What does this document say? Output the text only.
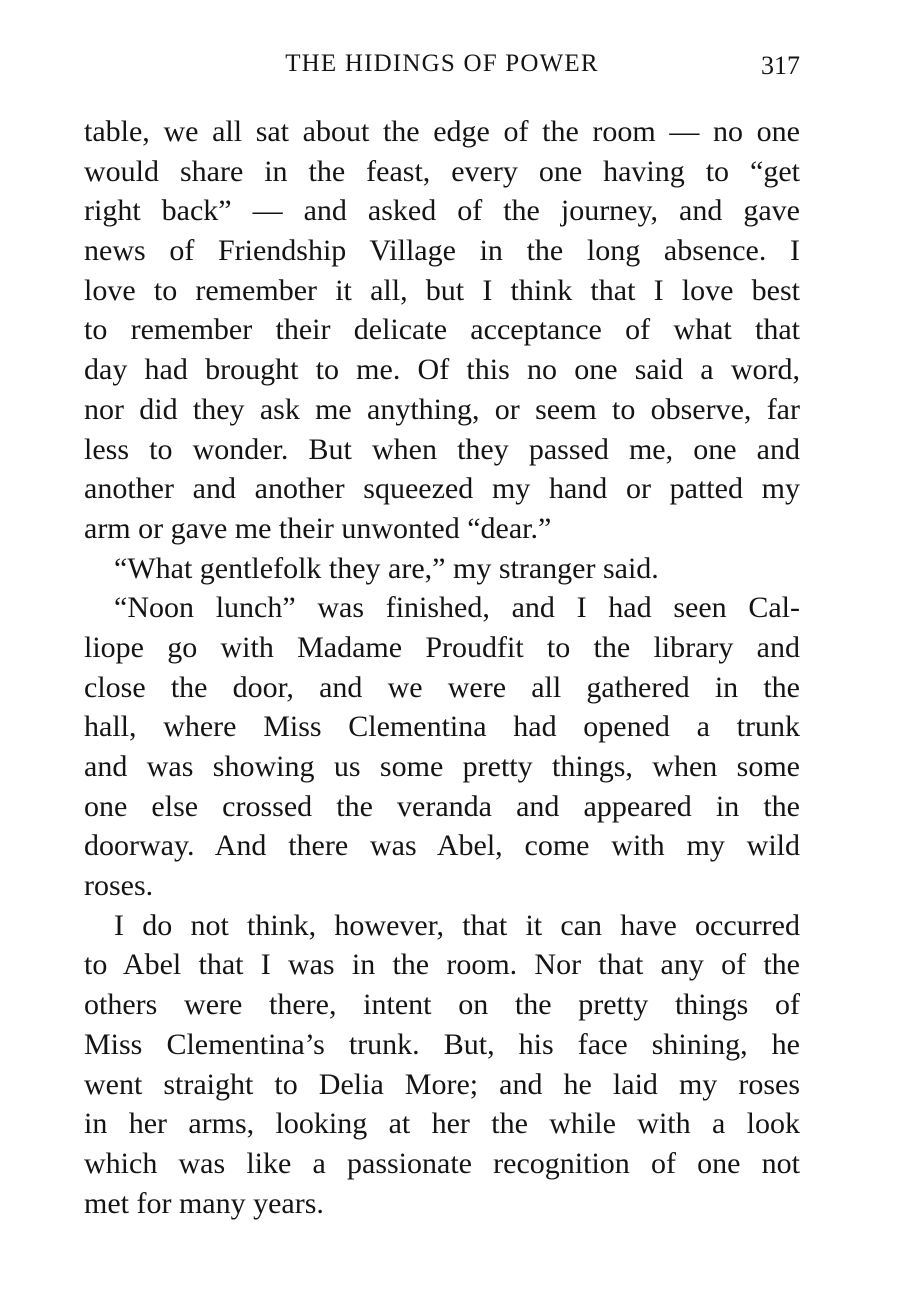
THE HIDINGS OF POWER	317
table, we all sat about the edge of the room — no one
would share in the feast, every one having to “get
right back” — and asked of the journey, and gave
news of Friendship Village in the long absence. I
love to remember it all, but I think that I love best
to remember their delicate acceptance of what that
day had brought to me. Of this no one said a word,
nor did they ask me anything, or seem to observe, far
less to wonder. But when they passed me, one and
another and another squeezed my hand or patted my
arm or gave me their unwonted “dear.”
“What gentlefolk they are,” my stranger said.
“Noon lunch” was finished, and I had seen Cal-
liope go with Madame Proudfit to the library and
close the door, and we were all gathered in the
hall, where Miss Clementina had opened a trunk
and was showing us some pretty things, when some
one else crossed the veranda and appeared in the
doorway. And there was Abel, come with my wild
roses.
I do not think, however, that it can have occurred
to Abel that I was in the room. Nor that any of the
others were there, intent on the pretty things of
Miss Clementina’s trunk. But, his face shining, he
went straight to Delia More; and he laid my roses
in her arms, looking at her the while with a look
which was like a passionate recognition of one not
met for many years.
